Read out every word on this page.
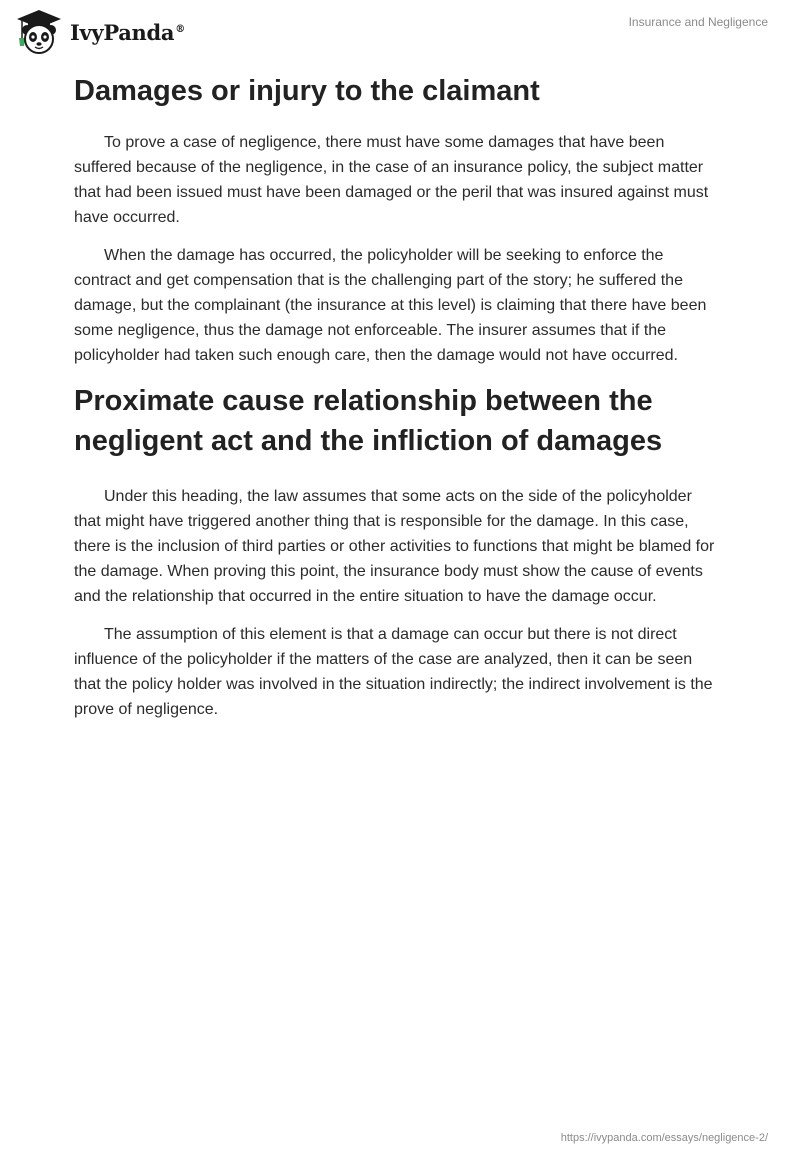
IvyPanda®	Insurance and Negligence
Damages or injury to the claimant

To prove a case of negligence, there must have some damages that have been suffered because of the negligence, in the case of an insurance policy, the subject matter that had been issued must have been damaged or the peril that was insured against must have occurred.

When the damage has occurred, the policyholder will be seeking to enforce the contract and get compensation that is the challenging part of the story; he suffered the damage, but the complainant (the insurance at this level) is claiming that there have been some negligence, thus the damage not enforceable. The insurer assumes that if the policyholder had taken such enough care, then the damage would not have occurred.

Proximate cause relationship between the negligent act and the infliction of damages

Under this heading, the law assumes that some acts on the side of the policyholder that might have triggered another thing that is responsible for the damage. In this case, there is the inclusion of third parties or other activities to functions that might be blamed for the damage. When proving this point, the insurance body must show the cause of events and the relationship that occurred in the entire situation to have the damage occur.

The assumption of this element is that a damage can occur but there is not direct influence of the policyholder if the matters of the case are analyzed, then it can be seen that the policy holder was involved in the situation indirectly; the indirect involvement is the prove of negligence.

https://ivypanda.com/essays/negligence-2/
